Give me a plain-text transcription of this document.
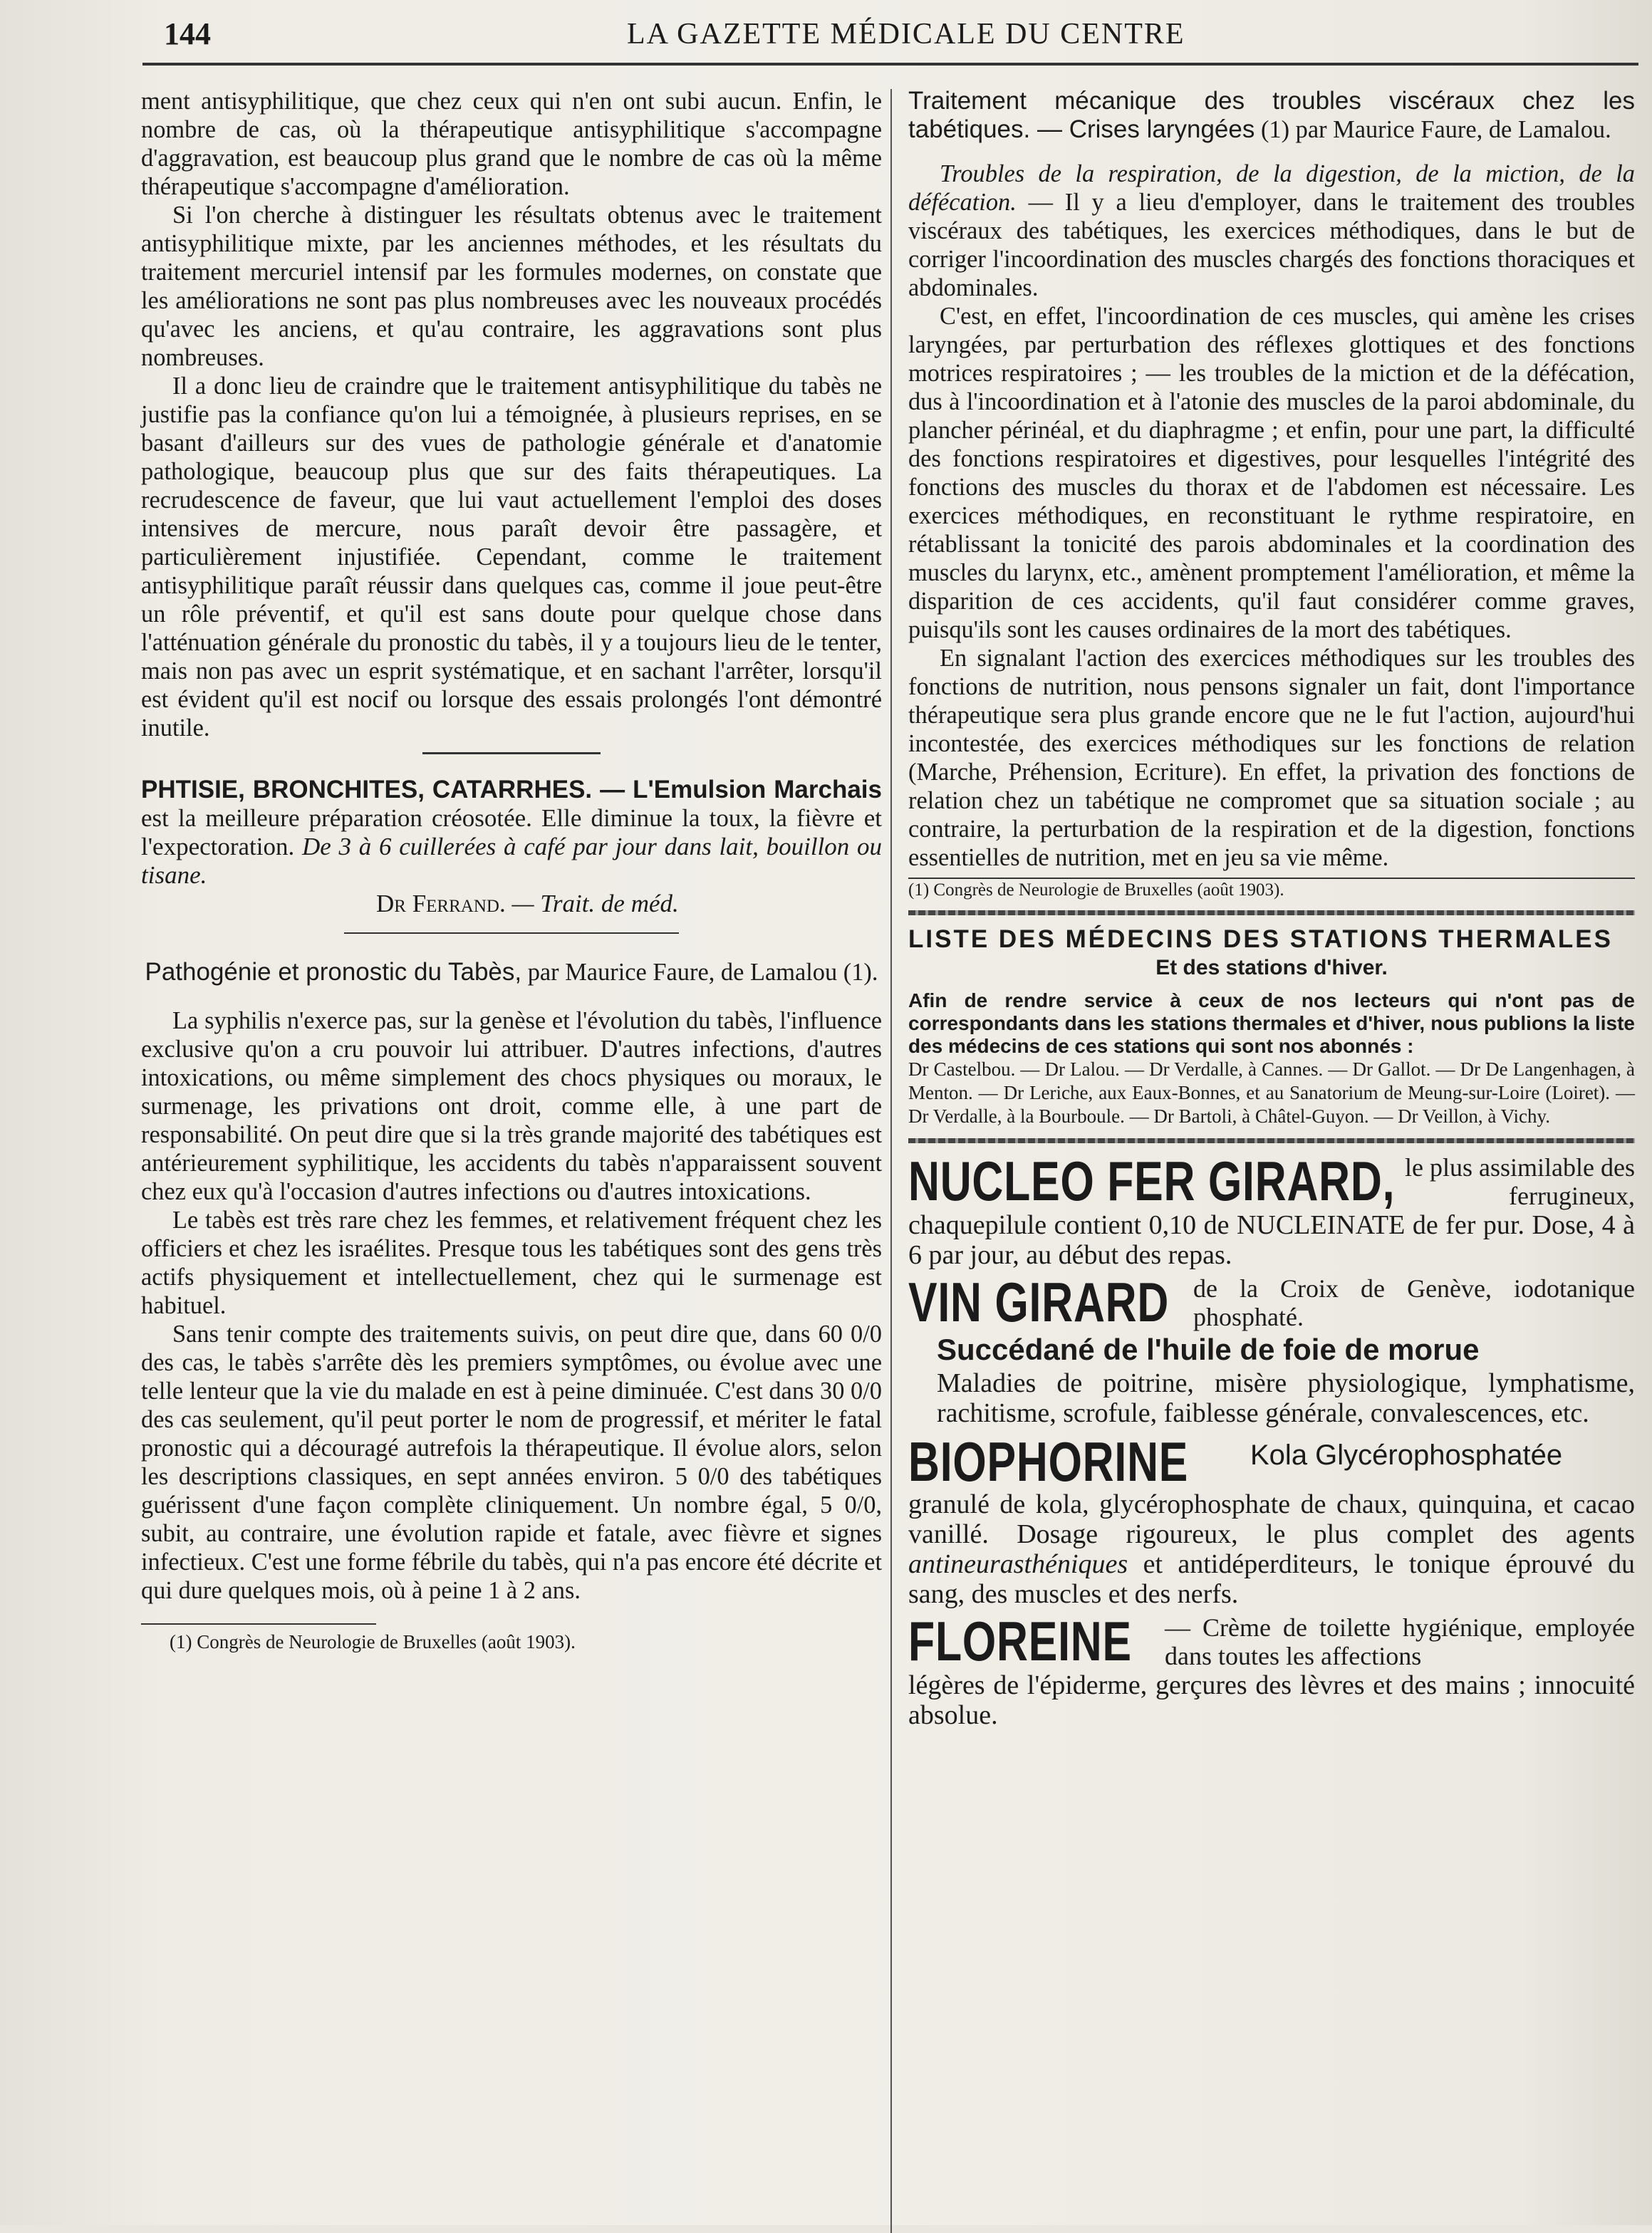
144	LA GAZETTE MÉDICALE DU CENTRE

ment antisyphilitique, que chez ceux qui n'en ont subi aucun. Enfin, le nombre de cas, où la thérapeutique antisyphilitique s'accompagne d'aggravation, est beaucoup plus grand que le nombre de cas où la même thérapeutique s'accompagne d'amélioration.

Si l'on cherche à distinguer les résultats obtenus avec le traitement antisyphilitique mixte, par les anciennes méthodes, et les résultats du traitement mercuriel intensif par les formules modernes, on constate que les améliorations ne sont pas plus nombreuses avec les nouveaux procédés qu'avec les anciens, et qu'au contraire, les aggravations sont plus nombreuses.

Il a donc lieu de craindre que le traitement antisyphilitique du tabès ne justifie pas la confiance qu'on lui a témoignée, à plusieurs reprises, en se basant d'ailleurs sur des vues de pathologie générale et d'anatomie pathologique, beaucoup plus que sur des faits thérapeutiques. La recrudescence de faveur, que lui vaut actuellement l'emploi des doses intensives de mercure, nous paraît devoir être passagère, et particulièrement injustifiée. Cependant, comme le traitement antisyphilitique paraît réussir dans quelques cas, comme il joue peut-être un rôle préventif, et qu'il est sans doute pour quelque chose dans l'atténuation générale du pronostic du tabès, il y a toujours lieu de le tenter, mais non pas avec un esprit systématique, et en sachant l'arrêter, lorsqu'il est évident qu'il est nocif ou lorsque des essais prolongés l'ont démontré inutile.

PHTISIE, BRONCHITES, CATARRHES. — L'Emulsion Marchais est la meilleure préparation créosotée. Elle diminue la toux, la fièvre et l'expectoration. De 3 à 6 cuillerées à café par jour dans lait, bouillon ou tisane.
Dr Ferrand. — Trait. de méd.

Pathogénie et pronostic du Tabès, par Maurice Faure, de Lamalou (1).

La syphilis n'exerce pas, sur la genèse et l'évolution du tabès, l'influence exclusive qu'on a cru pouvoir lui attribuer. D'autres infections, d'autres intoxications, ou même simplement des chocs physiques ou moraux, le surmenage, les privations ont droit, comme elle, à une part de responsabilité. On peut dire que si la très grande majorité des tabétiques est antérieurement syphilitique, les accidents du tabès n'apparaissent souvent chez eux qu'à l'occasion d'autres infections ou d'autres intoxications.

Le tabès est très rare chez les femmes, et relativement fréquent chez les officiers et chez les israélites. Presque tous les tabétiques sont des gens très actifs physiquement et intellectuellement, chez qui le surmenage est habituel.

Sans tenir compte des traitements suivis, on peut dire que, dans 60 0/0 des cas, le tabès s'arrête dès les premiers symptômes, ou évolue avec une telle lenteur que la vie du malade en est à peine diminuée. C'est dans 30 0/0 des cas seulement, qu'il peut porter le nom de progressif, et mériter le fatal pronostic qui a découragé autrefois la thérapeutique. Il évolue alors, selon les descriptions classiques, en sept années environ. 5 0/0 des tabétiques guérissent d'une façon complète cliniquement. Un nombre égal, 5 0/0, subit, au contraire, une évolution rapide et fatale, avec fièvre et signes infectieux. C'est une forme fébrile du tabès, qui n'a pas encore été décrite et qui dure quelques mois, où à peine 1 à 2 ans.

(1) Congrès de Neurologie de Bruxelles (août 1903).

Traitement mécanique des troubles viscéraux chez les tabétiques. — Crises laryngées (1) par Maurice Faure, de Lamalou.

Troubles de la respiration, de la digestion, de la miction, de la défécation. — Il y a lieu d'employer, dans le traitement des troubles viscéraux des tabétiques, les exercices méthodiques, dans le but de corriger l'incoordination des muscles chargés des fonctions thoraciques et abdominales.

C'est, en effet, l'incoordination de ces muscles, qui amène les crises laryngées, par perturbation des réflexes glottiques et des fonctions motrices respiratoires ; — les troubles de la miction et de la défécation, dus à l'incoordination et à l'atonie des muscles de la paroi abdominale, du plancher périnéal, et du diaphragme ; et enfin, pour une part, la difficulté des fonctions respiratoires et digestives, pour lesquelles l'intégrité des fonctions des muscles du thorax et de l'abdomen est nécessaire. Les exercices méthodiques, en reconstituant le rythme respiratoire, en rétablissant la tonicité des parois abdominales et la coordination des muscles du larynx, etc., amènent promptement l'amélioration, et même la disparition de ces accidents, qu'il faut considérer comme graves, puisqu'ils sont les causes ordinaires de la mort des tabétiques.

En signalant l'action des exercices méthodiques sur les troubles des fonctions de nutrition, nous pensons signaler un fait, dont l'importance thérapeutique sera plus grande encore que ne le fut l'action, aujourd'hui incontestée, des exercices méthodiques sur les fonctions de relation (Marche, Préhension, Ecriture). En effet, la privation des fonctions de relation chez un tabétique ne compromet que sa situation sociale ; au contraire, la perturbation de la respiration et de la digestion, fonctions essentielles de nutrition, met en jeu sa vie même.

(1) Congrès de Neurologie de Bruxelles (août 1903).

LISTE DES MÉDECINS DES STATIONS THERMALES
Et des stations d'hiver.

Afin de rendre service à ceux de nos lecteurs qui n'ont pas de correspondants dans les stations thermales et d'hiver, nous publions la liste des médecins de ces stations qui sont nos abonnés :

Dr Castelbou. — Dr Lalou. — Dr Verdalle, à Cannes. — Dr Gallot. — Dr De Langenhagen, à Menton. — Dr Leriche, aux Eaux-Bonnes, et au Sanatorium de Meung-sur-Loire (Loiret). —Dr Verdalle, à la Bourboule. — Dr Bartoli, à Châtel-Guyon. — Dr Veillon, à Vichy.

NUCLEO FER GIRARD, le plus assimilable des ferrugineux,

chaquepilule contient 0,10 de NUCLEINATE de fer pur. Dose, 4 à 6 par jour, au début des repas.

VIN GIRARD de la Croix de Genève, iodotanique phosphaté.
Succédané de l'huile de foie de morue

Maladies de poitrine, misère physiologique, lymphatisme, rachitisme, scrofule, faiblesse générale, convalescences, etc.

BIOPHORINE	Kola Glycérophosphatée

granulé de kola, glycérophosphate de chaux, quinquina, et cacao vanillé. Dosage rigoureux, le plus complet des agents antineurasthéniques et antidéperditeurs, le tonique éprouvé du sang, des muscles et des nerfs.

FLOREINE — Crème de toilette hygiénique, employée dans toutes les affections

légères de l'épiderme, gerçures des lèvres et des mains ; innocuité absolue.
